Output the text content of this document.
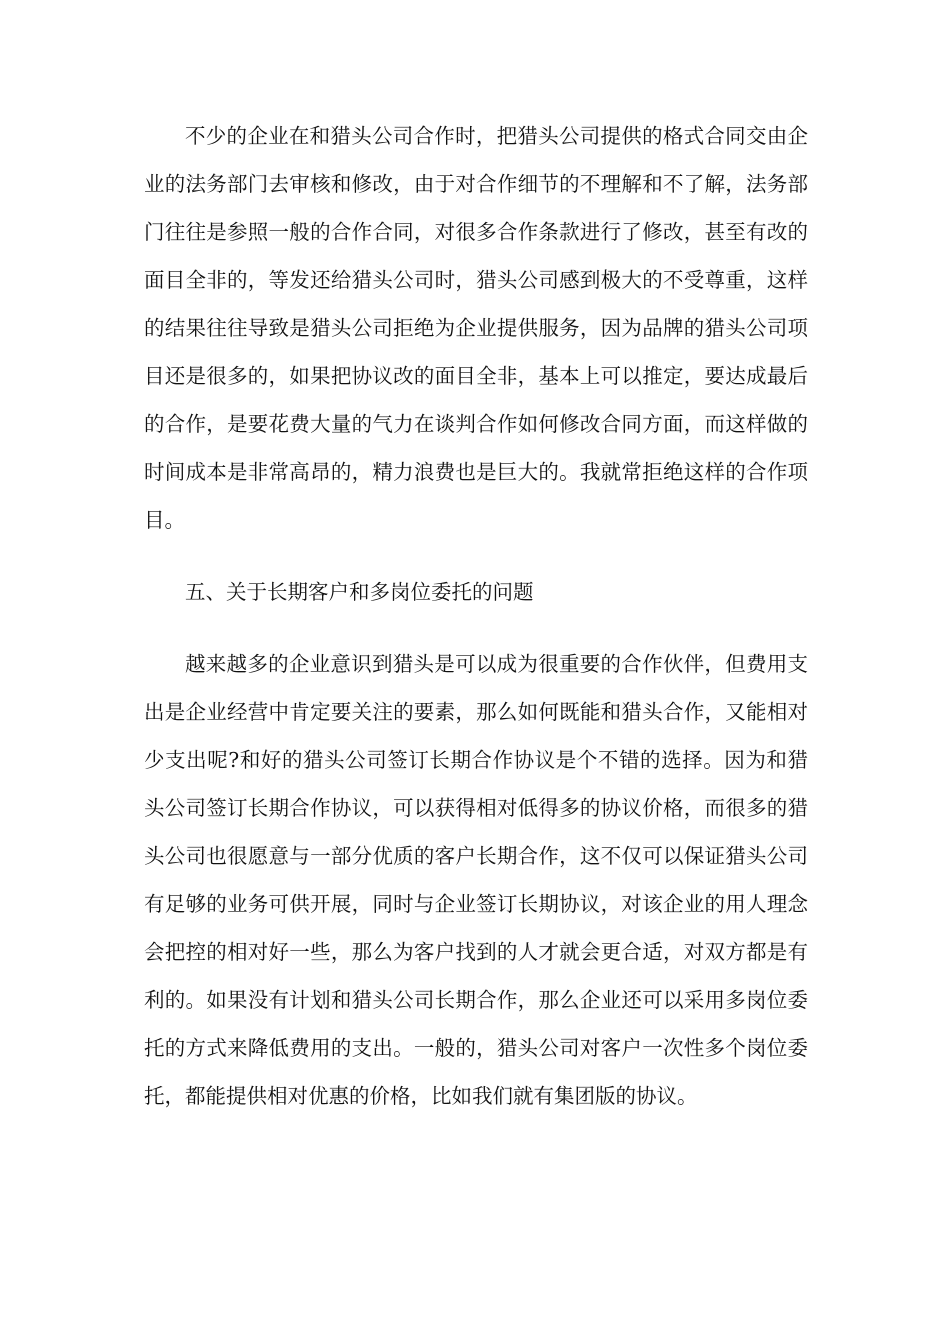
不少的企业在和猎头公司合作时，把猎头公司提供的格式合同交由企业的法务部门去审核和修改，由于对合作细节的不理解和不了解，法务部门往往是参照一般的合作合同，对很多合作条款进行了修改，甚至有改的面目全非的，等发还给猎头公司时，猎头公司感到极大的不受尊重，这样的结果往往导致是猎头公司拒绝为企业提供服务，因为品牌的猎头公司项目还是很多的，如果把协议改的面目全非，基本上可以推定，要达成最后的合作，是要花费大量的气力在谈判合作如何修改合同方面，而这样做的时间成本是非常高昂的，精力浪费也是巨大的。我就常拒绝这样的合作项目。

五、关于长期客户和多岗位委托的问题

越来越多的企业意识到猎头是可以成为很重要的合作伙伴，但费用支出是企业经营中肯定要关注的要素，那么如何既能和猎头合作，又能相对少支出呢?和好的猎头公司签订长期合作协议是个不错的选择。因为和猎头公司签订长期合作协议，可以获得相对低得多的协议价格，而很多的猎头公司也很愿意与一部分优质的客户长期合作，这不仅可以保证猎头公司有足够的业务可供开展，同时与企业签订长期协议，对该企业的用人理念会把控的相对好一些，那么为客户找到的人才就会更合适，对双方都是有利的。如果没有计划和猎头公司长期合作，那么企业还可以采用多岗位委托的方式来降低费用的支出。一般的，猎头公司对客户一次性多个岗位委托，都能提供相对优惠的价格，比如我们就有集团版的协议。
